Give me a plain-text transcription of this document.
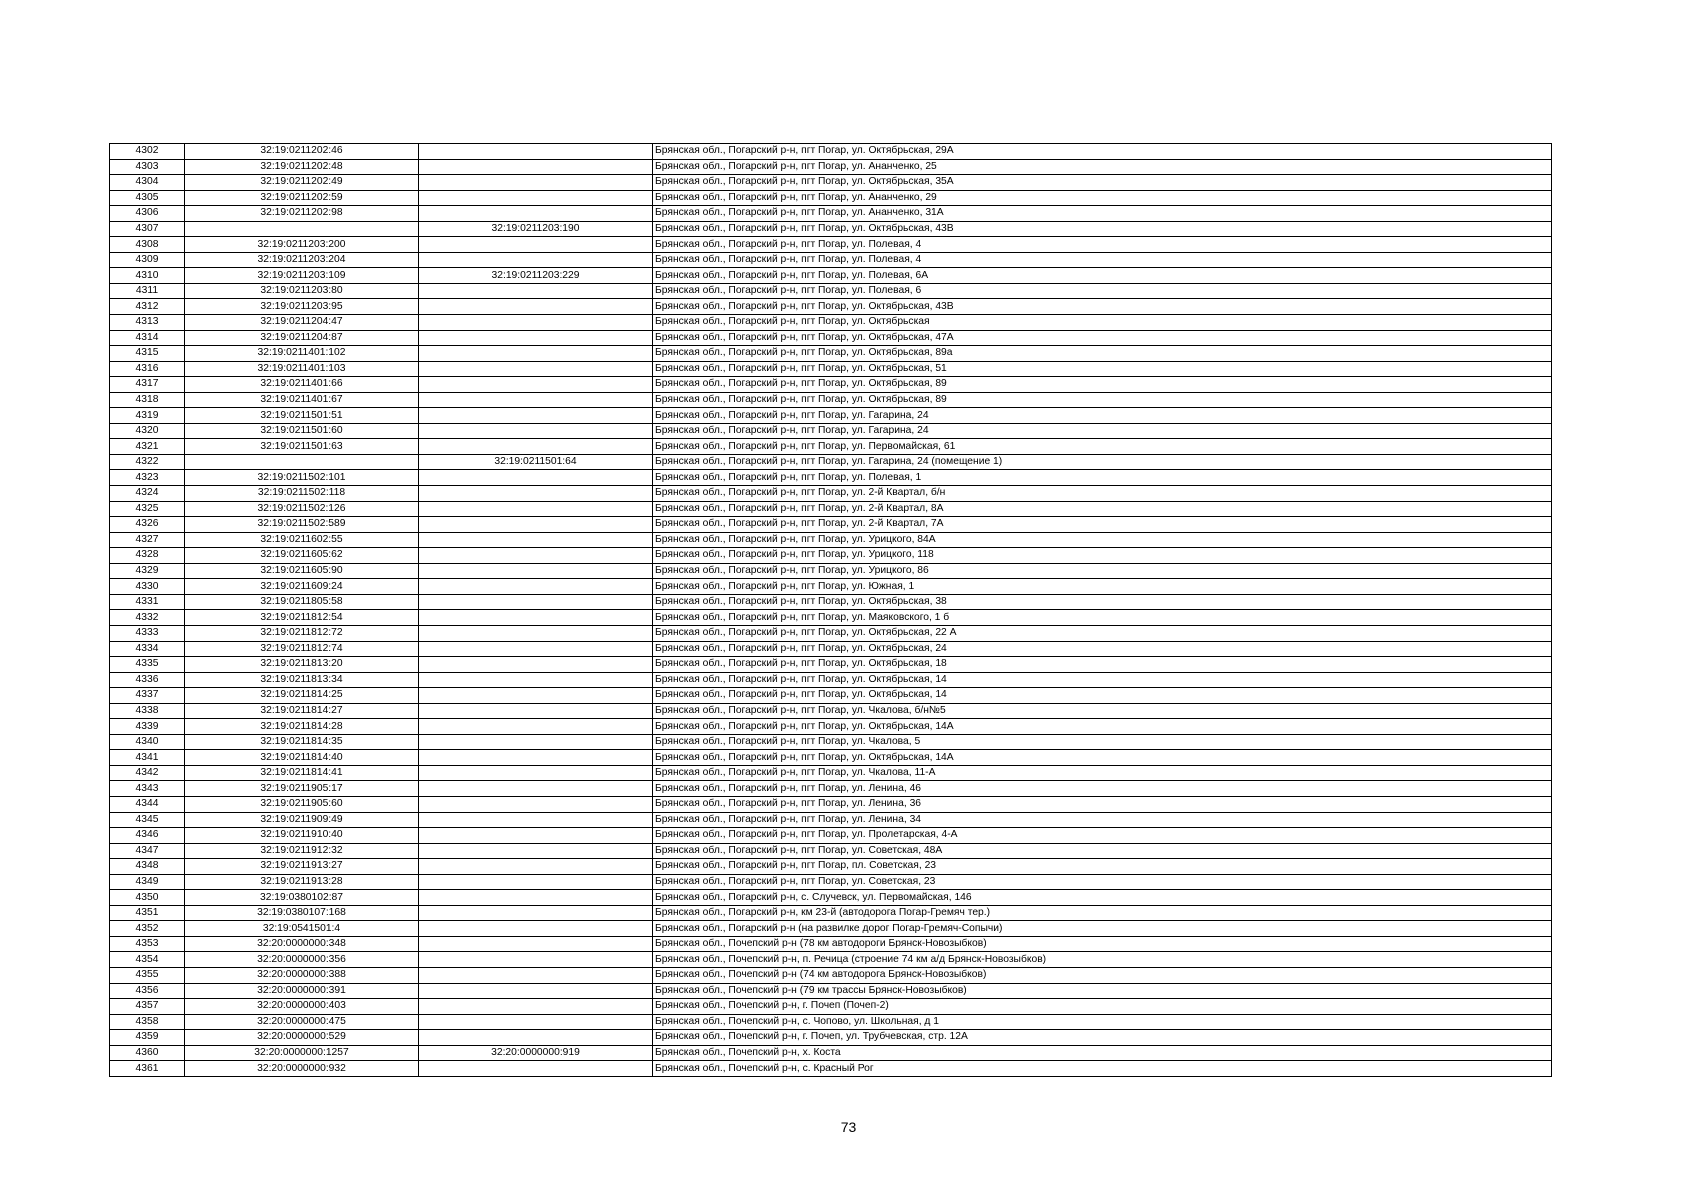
4302	32:19:0211202:46		Брянская обл., Погарский р-н, пгт Погар, ул. Октябрьская, 29А
4303	32:19:0211202:48		Брянская обл., Погарский р-н, пгт Погар, ул. Ананченко, 25
4304	32:19:0211202:49		Брянская обл., Погарский р-н, пгт Погар, ул. Октябрьская, 35А
4305	32:19:0211202:59		Брянская обл., Погарский р-н, пгт Погар, ул. Ананченко, 29
4306	32:19:0211202:98		Брянская обл., Погарский р-н, пгт Погар, ул. Ананченко, 31А
4307		32:19:0211203:190	Брянская обл., Погарский р-н, пгт Погар, ул. Октябрьская, 43В
4308	32:19:0211203:200		Брянская обл., Погарский р-н, пгт Погар, ул. Полевая, 4
4309	32:19:0211203:204		Брянская обл., Погарский р-н, пгт Погар, ул. Полевая, 4
4310	32:19:0211203:109	32:19:0211203:229	Брянская обл., Погарский р-н, пгт Погар, ул. Полевая, 6А
4311	32:19:0211203:80		Брянская обл., Погарский р-н, пгт Погар, ул. Полевая, 6
4312	32:19:0211203:95		Брянская обл., Погарский р-н, пгт Погар, ул. Октябрьская, 43В
4313	32:19:0211204:47		Брянская обл., Погарский р-н, пгт Погар, ул. Октябрьская
4314	32:19:0211204:87		Брянская обл., Погарский р-н, пгт Погар, ул. Октябрьская, 47А
4315	32:19:0211401:102		Брянская обл., Погарский р-н, пгт Погар, ул. Октябрьская, 89а
4316	32:19:0211401:103		Брянская обл., Погарский р-н, пгт Погар, ул. Октябрьская, 51
4317	32:19:0211401:66		Брянская обл., Погарский р-н, пгт Погар, ул. Октябрьская, 89
4318	32:19:0211401:67		Брянская обл., Погарский р-н, пгт Погар, ул. Октябрьская, 89
4319	32:19:0211501:51		Брянская обл., Погарский р-н, пгт Погар, ул. Гагарина, 24
4320	32:19:0211501:60		Брянская обл., Погарский р-н, пгт Погар, ул. Гагарина, 24
4321	32:19:0211501:63		Брянская обл., Погарский р-н, пгт Погар, ул. Первомайская, 61
4322		32:19:0211501:64	Брянская обл., Погарский р-н, пгт Погар, ул. Гагарина, 24 (помещение 1)
4323	32:19:0211502:101		Брянская обл., Погарский р-н, пгт Погар, ул. Полевая, 1
4324	32:19:0211502:118		Брянская обл., Погарский р-н, пгт Погар, ул. 2-й Квартал, б/н
4325	32:19:0211502:126		Брянская обл., Погарский р-н, пгт Погар, ул. 2-й Квартал, 8А
4326	32:19:0211502:589		Брянская обл., Погарский р-н, пгт Погар, ул. 2-й Квартал, 7А
4327	32:19:0211602:55		Брянская обл., Погарский р-н, пгт Погар, ул. Урицкого, 84А
4328	32:19:0211605:62		Брянская обл., Погарский р-н, пгт Погар, ул. Урицкого, 118
4329	32:19:0211605:90		Брянская обл., Погарский р-н, пгт Погар, ул. Урицкого, 86
4330	32:19:0211609:24		Брянская обл., Погарский р-н, пгт Погар, ул. Южная, 1
4331	32:19:0211805:58		Брянская обл., Погарский р-н, пгт Погар, ул. Октябрьская, 38
4332	32:19:0211812:54		Брянская обл., Погарский р-н, пгт Погар, ул. Маяковского, 1 б
4333	32:19:0211812:72		Брянская обл., Погарский р-н, пгт Погар, ул. Октябрьская, 22 А
4334	32:19:0211812:74		Брянская обл., Погарский р-н, пгт Погар, ул. Октябрьская, 24
4335	32:19:0211813:20		Брянская обл., Погарский р-н, пгт Погар, ул. Октябрьская, 18
4336	32:19:0211813:34		Брянская обл., Погарский р-н, пгт Погар, ул. Октябрьская, 14
4337	32:19:0211814:25		Брянская обл., Погарский р-н, пгт Погар, ул. Октябрьская, 14
4338	32:19:0211814:27		Брянская обл., Погарский р-н, пгт Погар, ул. Чкалова, б/н№5
4339	32:19:0211814:28		Брянская обл., Погарский р-н, пгт Погар, ул. Октябрьская, 14А
4340	32:19:0211814:35		Брянская обл., Погарский р-н, пгт Погар, ул. Чкалова, 5
4341	32:19:0211814:40		Брянская обл., Погарский р-н, пгт Погар, ул. Октябрьская, 14А
4342	32:19:0211814:41		Брянская обл., Погарский р-н, пгт Погар, ул. Чкалова, 11-А
4343	32:19:0211905:17		Брянская обл., Погарский р-н, пгт Погар, ул. Ленина, 46
4344	32:19:0211905:60		Брянская обл., Погарский р-н, пгт Погар, ул. Ленина, 36
4345	32:19:0211909:49		Брянская обл., Погарский р-н, пгт Погар, ул. Ленина, 34
4346	32:19:0211910:40		Брянская обл., Погарский р-н, пгт Погар, ул. Пролетарская, 4-А
4347	32:19:0211912:32		Брянская обл., Погарский р-н, пгт Погар, ул. Советская, 48А
4348	32:19:0211913:27		Брянская обл., Погарский р-н, пгт Погар, пл. Советская, 23
4349	32:19:0211913:28		Брянская обл., Погарский р-н, пгт Погар, ул. Советская, 23
4350	32:19:0380102:87		Брянская обл., Погарский р-н, с. Случевск, ул. Первомайская, 146
4351	32:19:0380107:168		Брянская обл., Погарский р-н, км 23-й (автодорога Погар-Гремяч тер.)
4352	32:19:0541501:4		Брянская обл., Погарский р-н (на развилке дорог Погар-Гремяч-Сопычи)
4353	32:20:0000000:348		Брянская обл., Почепский р-н (78 км автодороги Брянск-Новозыбков)
4354	32:20:0000000:356		Брянская обл., Почепский р-н, п. Речица (строение 74 км а/д Брянск-Новозыбков)
4355	32:20:0000000:388		Брянская обл., Почепский р-н (74 км автодорога Брянск-Новозыбков)
4356	32:20:0000000:391		Брянская обл., Почепский р-н (79 км трассы Брянск-Новозыбков)
4357	32:20:0000000:403		Брянская обл., Почепский р-н, г. Почеп (Почеп-2)
4358	32:20:0000000:475		Брянская обл., Почепский р-н, с. Чопово, ул. Школьная, д 1
4359	32:20:0000000:529		Брянская обл., Почепский р-н, г. Почеп, ул. Трубчевская, стр. 12А
4360	32:20:0000000:1257	32:20:0000000:919	Брянская обл., Почепский р-н, х. Коста
4361	32:20:0000000:932		Брянская обл., Почепский р-н, с. Красный Рог
73
